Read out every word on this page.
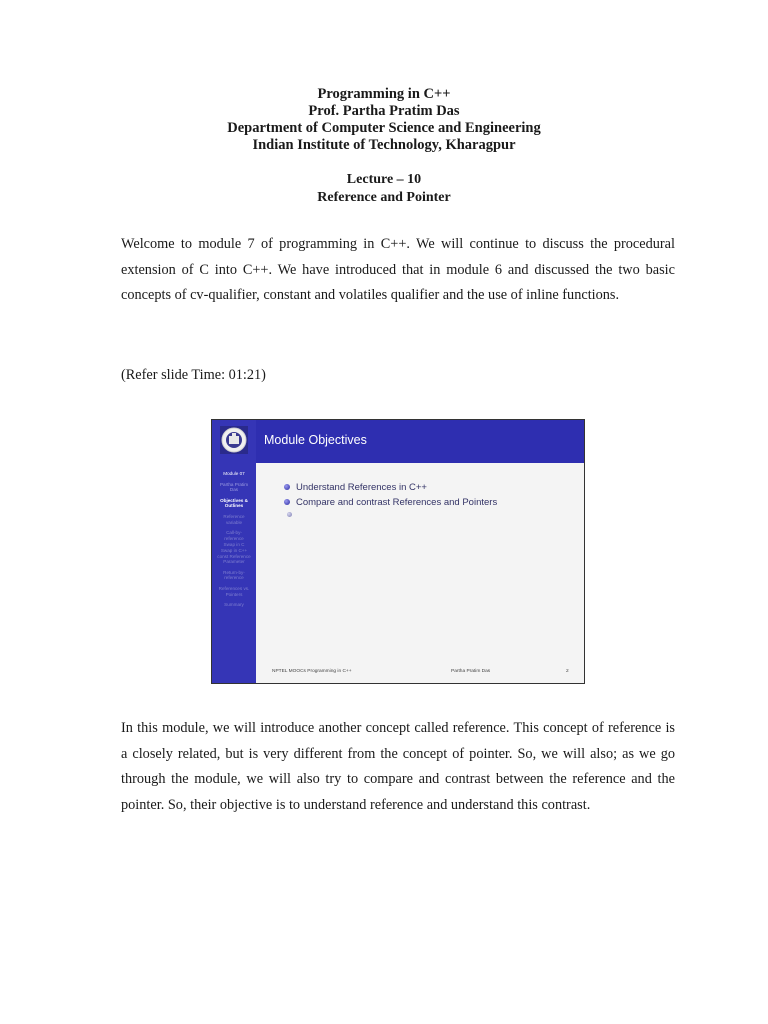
Programming in C++
Prof. Partha Pratim Das
Department of Computer Science and Engineering
Indian Institute of Technology, Kharagpur
Lecture – 10
Reference and Pointer
Welcome to module 7 of programming in C++. We will continue to discuss the procedural extension of C into C++. We have introduced that in module 6 and discussed the two basic concepts of cv-qualifier, constant and volatiles qualifier and the use of inline functions.
(Refer slide Time: 01:21)
Module Objectives
Module 07
Partha Pratim Das
Objectives & Outlines
Reference variable
Call-by-reference
Swap in C
Swap in C++
const Reference Parameter
Return-by-reference
References vs. Pointers
Summary
Understand References in C++
Compare and contrast References and Pointers
NPTEL MOOCs Programming in C++	Partha Pratim Das	2
In this module, we will introduce another concept called reference. This concept of reference is a closely related, but is very different from the concept of pointer. So, we will also; as we go through the module, we will also try to compare and contrast between the reference and the pointer. So, their objective is to understand reference and understand this contrast.
